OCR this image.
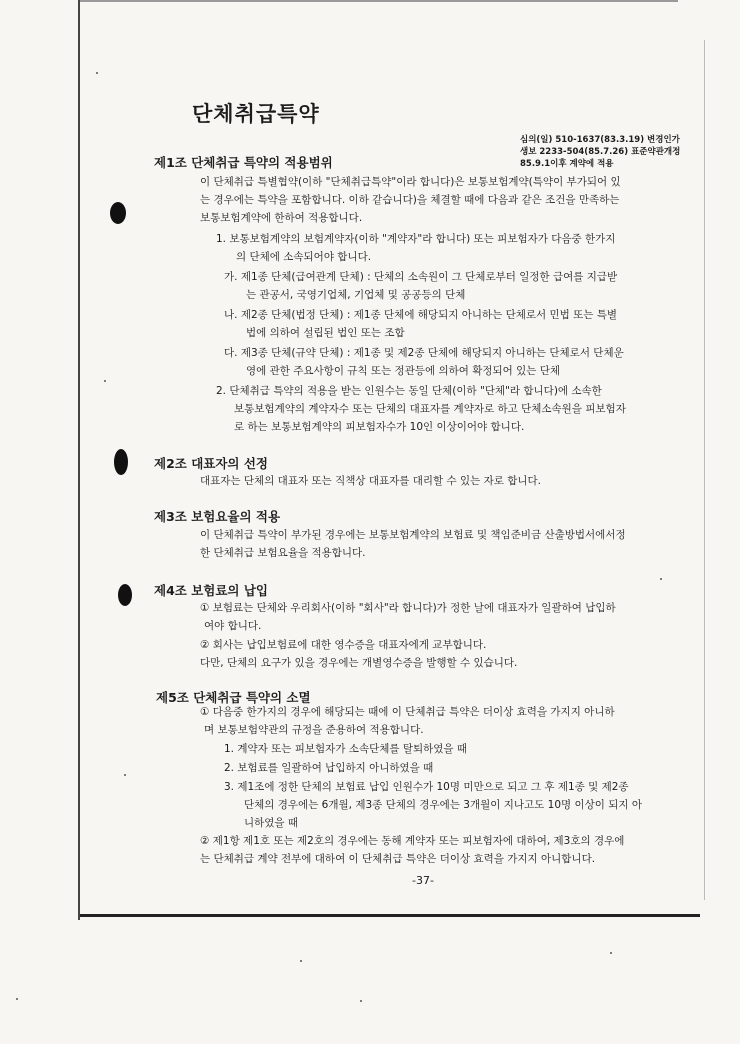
단체취급특약
심의(일) 510-1637(83.3.19) 변경인가
생보 2233-504(85.7.26) 표준약관개정
85.9.1이후 계약에 적용
제1조 단체취급 특약의 적용범위
이 단체취급 특별협약(이하 "단체취급특약"이라 합니다)은 보통보험계약(특약이 부가되어 있
는 경우에는 특약을 포함합니다. 이하 같습니다)을 체결할 때에 다음과 같은 조건을 만족하는
보통보험계약에 한하여 적용합니다.
1. 보통보험계약의 보험계약자(이하 "계약자"라 합니다) 또는 피보험자가 다음중 한가지
의 단체에 소속되어야 합니다.
가. 제1종 단체(급여관계 단체) : 단체의 소속원이 그 단체로부터 일정한 급여를 지급받
는 관공서, 국영기업체, 기업체 및 공공등의 단체
나. 제2종 단체(법정 단체) : 제1종 단체에 해당되지 아니하는 단체로서 민법 또는 특별
법에 의하여 설립된 법인 또는 조합
다. 제3종 단체(규약 단체) : 제1종 및 제2종 단체에 해당되지 아니하는 단체로서 단체운
영에 관한 주요사항이 규칙 또는 정관등에 의하여 확정되어 있는 단체
2. 단체취급 특약의 적용을 받는 인원수는 동일 단체(이하 "단체"라 합니다)에 소속한
보통보험계약의 계약자수 또는 단체의 대표자를 계약자로 하고 단체소속원을 피보험자
로 하는 보통보험계약의 피보험자수가 10인 이상이어야 합니다.
제2조 대표자의 선정
대표자는 단체의 대표자 또는 직책상 대표자를 대리할 수 있는 자로 합니다.
제3조 보험요율의 적용
이 단체취급 특약이 부가된 경우에는 보통보험계약의 보험료 및 책임준비금 산출방법서에서정
한 단체취급 보험요율을 적용합니다.
제4조 보험료의 납입
① 보험료는 단체와 우리회사(이하 "회사"라 합니다)가 정한 날에 대표자가 일괄하여 납입하
여야 합니다.
② 회사는 납입보험료에 대한 영수증을 대표자에게 교부합니다.
다만, 단체의 요구가 있을 경우에는 개별영수증을 발행할 수 있습니다.
제5조 단체취급 특약의 소멸
① 다음중 한가지의 경우에 해당되는 때에 이 단체취급 특약은 더이상 효력을 가지지 아니하
며 보통보험약관의 규정을 준용하여 적용합니다.
1. 계약자 또는 피보험자가 소속단체를 탈퇴하였을 때
2. 보험료를 일괄하여 납입하지 아니하였을 때
3. 제1조에 정한 단체의 보험료 납입 인원수가 10명 미만으로 되고 그 후 제1종 및 제2종
단체의 경우에는 6개월, 제3종 단체의 경우에는 3개월이 지나고도 10명 이상이 되지 아
니하였을 때
② 제1항 제1호 또는 제2호의 경우에는 동해 계약자 또는 피보험자에 대하여, 제3호의 경우에
는 단체취급 계약 전부에 대하여 이 단체취급 특약은 더이상 효력을 가지지 아니합니다.
-37-
